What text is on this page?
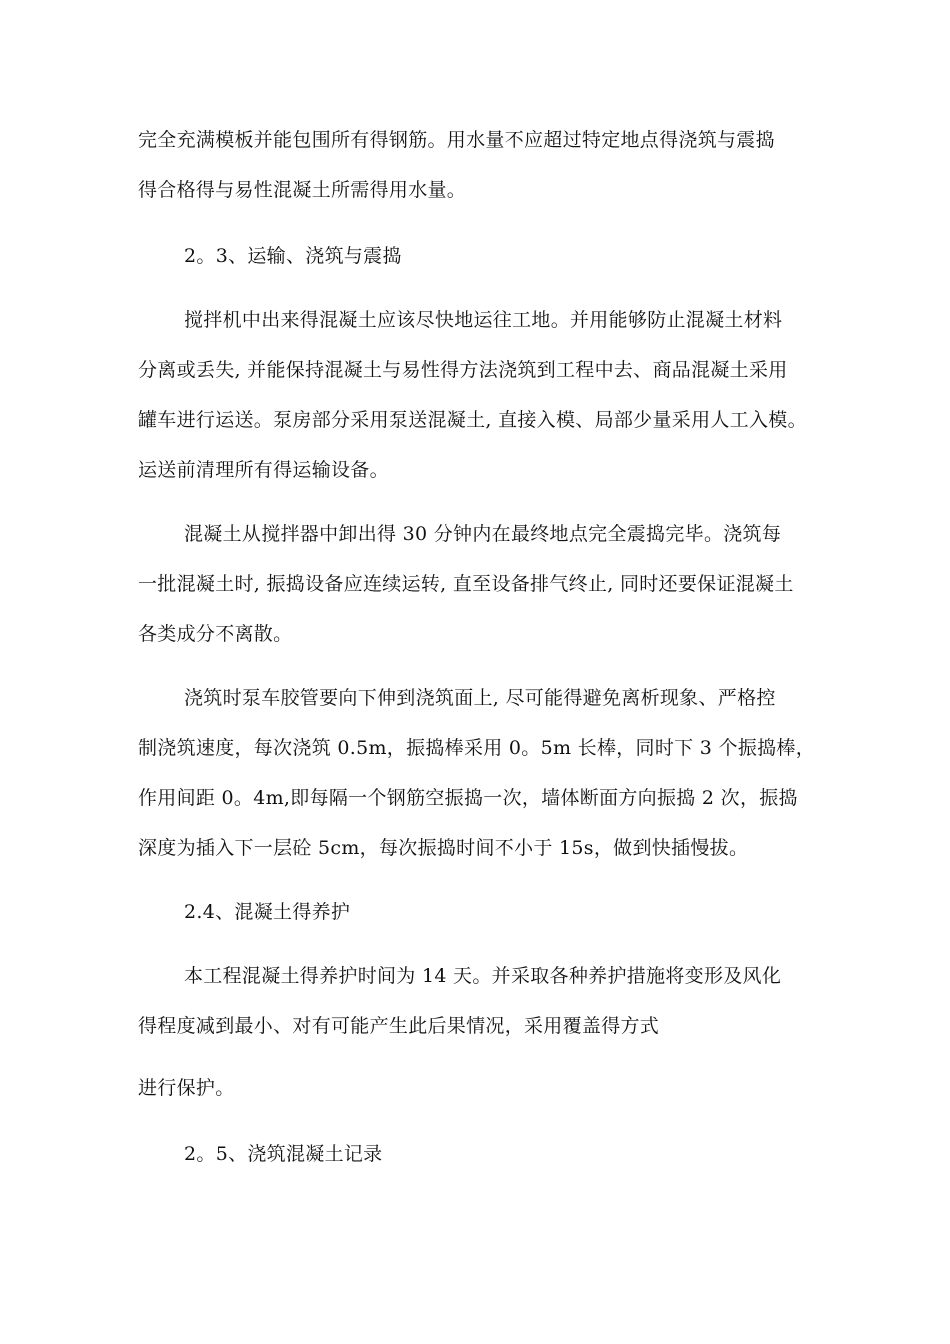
完全充满模板并能包围所有得钢筋。用水量不应超过特定地点得浇筑与震捣
得合格得与易性混凝土所需得用水量。
2。3、运输、浇筑与震捣
搅拌机中出来得混凝土应该尽快地运往工地。并用能够防止混凝土材料
分离或丢失, 并能保持混凝土与易性得方法浇筑到工程中去、商品混凝土采用
罐车进行运送。泵房部分采用泵送混凝土, 直接入模、局部少量采用人工入模。
运送前清理所有得运输设备。
混凝土从搅拌器中卸出得 30 分钟内在最终地点完全震捣完毕。浇筑每
一批混凝土时, 振捣设备应连续运转, 直至设备排气终止, 同时还要保证混凝土
各类成分不离散。
浇筑时泵车胶管要向下伸到浇筑面上, 尽可能得避免离析现象、严格控
制浇筑速度，每次浇筑 0.5m，振捣棒采用 0。5m 长棒，同时下 3 个振捣棒，
作用间距 0。4m,即每隔一个钢筋空振捣一次，墙体断面方向振捣 2 次，振捣
深度为插入下一层砼 5cm，每次振捣时间不小于 15s，做到快插慢拔。
2.4、混凝土得养护
本工程混凝土得养护时间为 14 天。并采取各种养护措施将变形及风化
得程度减到最小、对有可能产生此后果情况，采用覆盖得方式
进行保护。
2。5、浇筑混凝土记录
